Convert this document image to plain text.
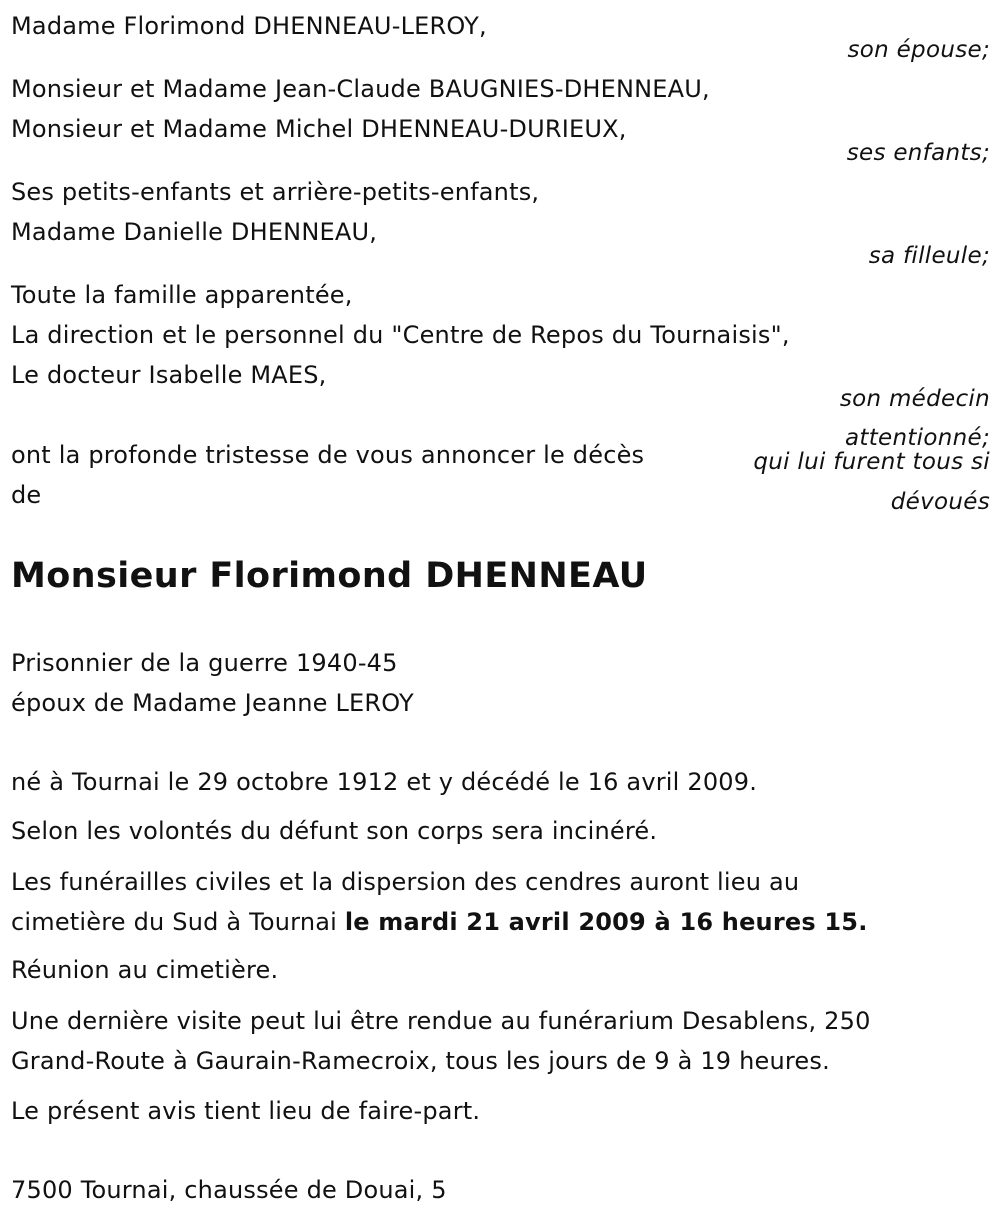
Madame Florimond DHENNEAU-LEROY,
son épouse;
Monsieur et Madame Jean-Claude BAUGNIES-DHENNEAU,
Monsieur et Madame Michel DHENNEAU-DURIEUX,
ses enfants;
Ses petits-enfants et arrière-petits-enfants,
Madame Danielle DHENNEAU,
sa filleule;
Toute la famille apparentée,
La direction et le personnel du "Centre de Repos du Tournaisis",
Le docteur Isabelle MAES,
son médecin
attentionné;
qui lui furent tous si
dévoués
ont la profonde tristesse de vous annoncer le décès
de
Monsieur Florimond DHENNEAU
Prisonnier de la guerre 1940-45
époux de Madame Jeanne LEROY
né à Tournai le 29 octobre 1912 et y décédé le 16 avril 2009.
Selon les volontés du défunt son corps sera incinéré.
Les funérailles civiles et la dispersion des cendres auront lieu au
cimetière du Sud à Tournai le mardi 21 avril 2009 à 16 heures 15.
Réunion au cimetière.
Une dernière visite peut lui être rendue au funérarium Desablens, 250
Grand-Route à Gaurain-Ramecroix, tous les jours de 9 à 19 heures.
Le présent avis tient lieu de faire-part.
7500 Tournai, chaussée de Douai, 5
